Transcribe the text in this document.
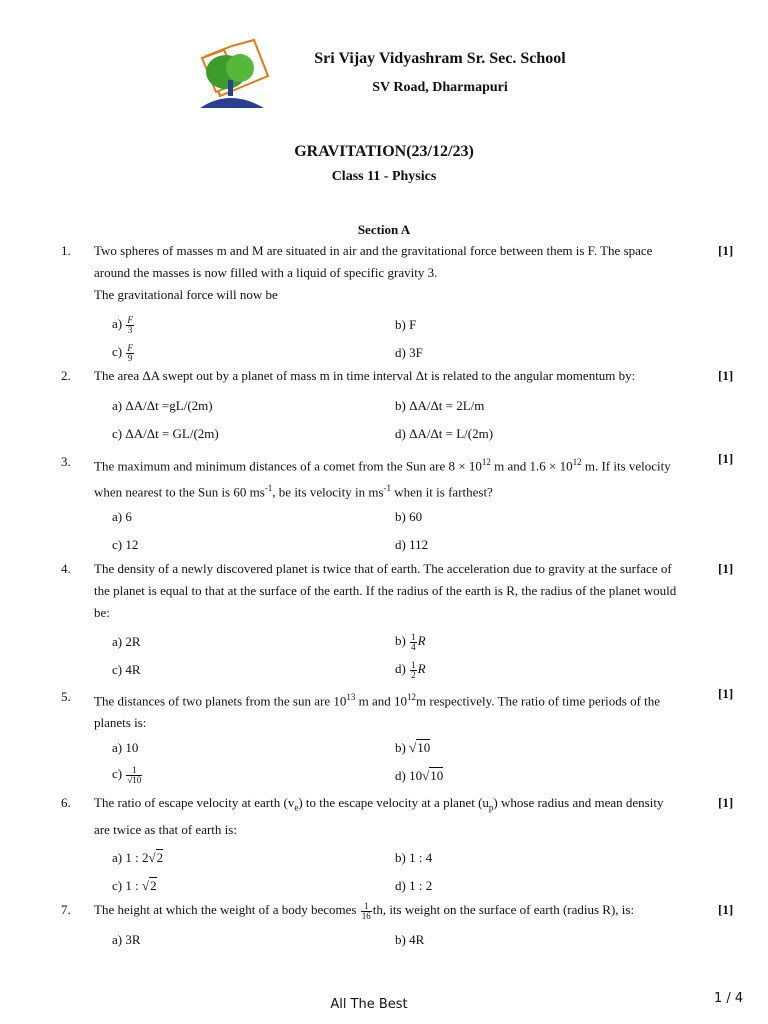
Sri Vijay Vidyashram Sr. Sec. School
SV Road, Dharmapuri
GRAVITATION(23/12/23)
Class 11 - Physics
Section A
1.	Two spheres of masses m and M are situated in air and the gravitational force between them is F. The space
around the masses is now filled with a liquid of specific gravity 3.
The gravitational force will now be
[1]
$a) \frac{F}{3}$	b) F
$c) \frac{F}{9}$	d) 3F
2.	The area ΔA swept out by a planet of mass m in time interval Δt is related to the angular momentum by:	[1]
a) ΔA/Δt =gL/(2m)	b) ΔA/Δt = 2L/m
c) ΔA/Δt = GL/(2m)	d) ΔA/Δt = L/(2m)
3.	The maximum and minimum distances of a comet from the Sun are $8 \times 10^{12}$ m and $1.6 \times 10^{12}$ m. If its velocity
when nearest to the Sun is 60 $ms^{-1}$, be its velocity in $ms^{-1}$ when it is farthest?
[1]
a) 6	b) 60
c) 12	d) 112
4.	The density of a newly discovered planet is twice that of earth. The acceleration due to gravity at the surface of
the planet is equal to that at the surface of the earth. If the radius of the earth is R, the radius of the planet would
be:
[1]
a) 2R	$b) \frac{1}{4}$ R
c) 4R	$d) \frac{1}{2}$ R
5.	The distances of two planets from the sun are $10^{13}$ m and $10^{12}m$ respectively. The ratio of time periods of the
planets is:
[1]
a) 10	b) √10
$c) \frac{1}{√10}$	d) 10√10
6.	The ratio of escape velocity at earth $(v_e)$ to the escape velocity at a planet $(u_p)$ whose radius and mean density
are twice as that of earth is:
[1]
a) 1 : 2√2	b) 1 : 4
c) 1 : √2	d) 1 : 2
7.	The height at which the weight of a body becomes $\frac{1}{16}$ th, its weight on the surface of earth (radius R), is:	[1]
a) 3R	b) 4R
All The Best	1 / 4
